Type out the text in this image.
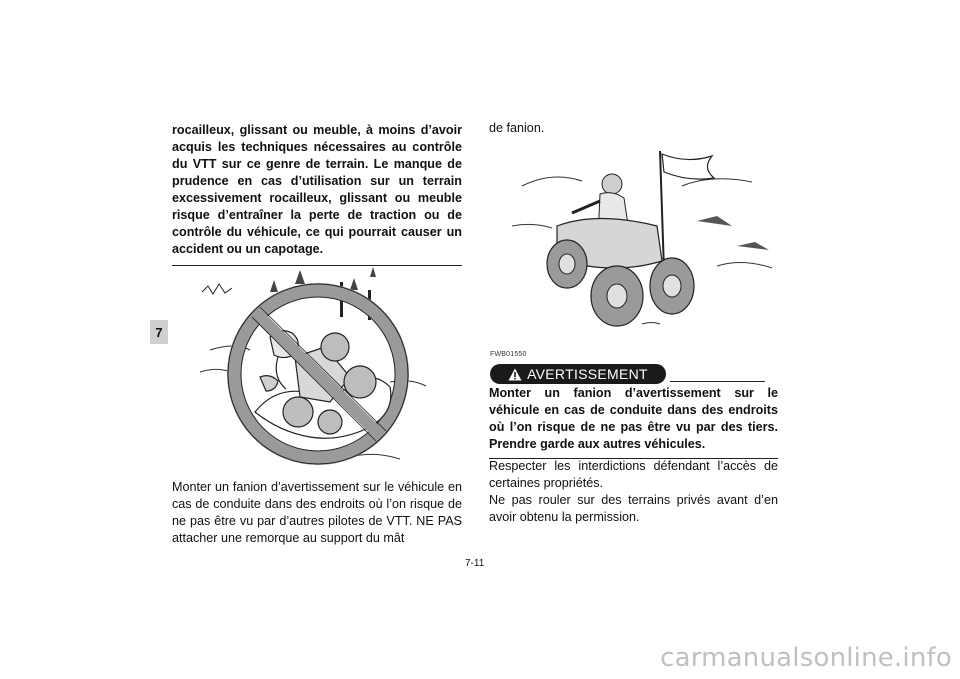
7

rocailleux, glissant ou meuble, à moins d’avoir acquis les techniques nécessaires au contrôle du VTT sur ce genre de terrain. Le manque de prudence en cas d’utilisation sur un terrain excessivement rocailleux, glissant ou meuble risque d’entraîner la perte de traction ou de contrôle du véhicule, ce qui pourrait causer un accident ou un capotage.

Monter un fanion d’avertissement sur le véhicule en cas de conduite dans des endroits où l’on risque de ne pas être vu par d’autres pilotes de VTT. NE PAS attacher une remorque au support du mât

de fanion.
FWB01550
AVERTISSEMENT

Monter un fanion d’avertissement sur le véhicule en cas de conduite dans des endroits où l’on risque de ne pas être vu par des tiers. Prendre garde aux autres véhicules.

Respecter les interdictions défendant l’accès de certaines propriétés.

Ne pas rouler sur des terrains privés avant d’en avoir obtenu la permission.

7-11
carmanualsonline.info
